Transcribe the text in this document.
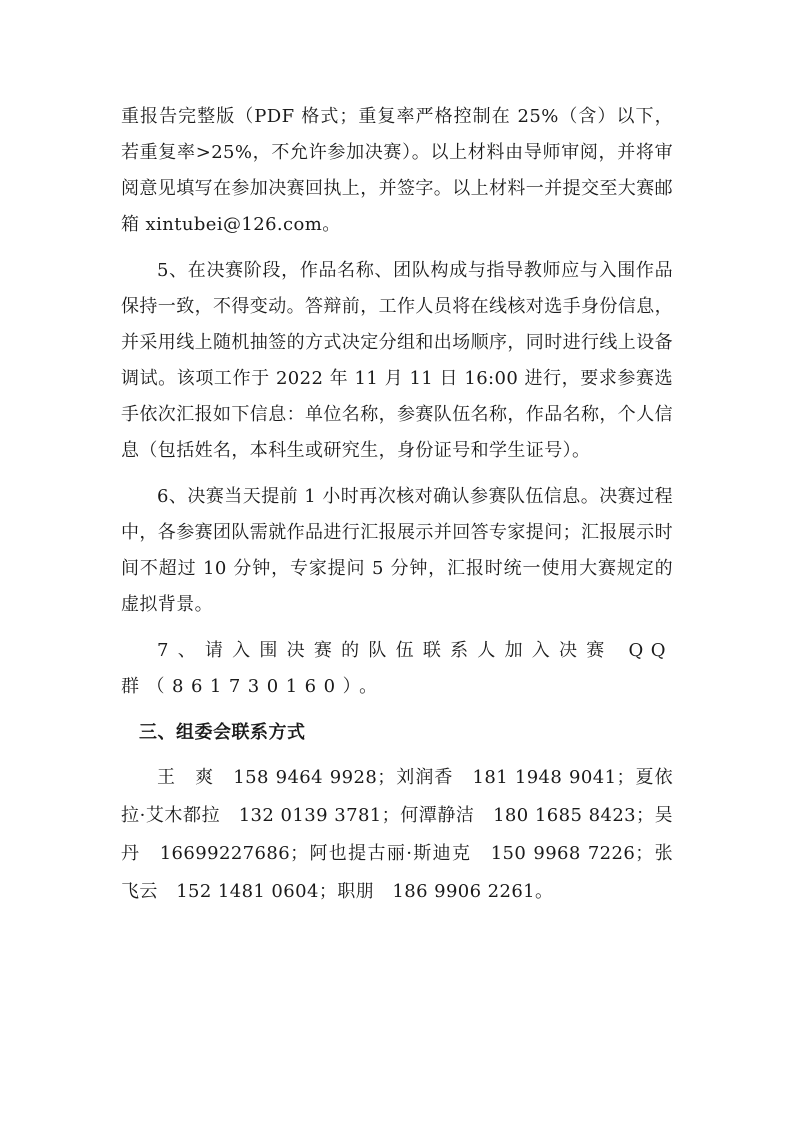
重报告完整版（PDF 格式；重复率严格控制在 25%（含）以下，若重复率>25%，不允许参加决赛）。以上材料由导师审阅，并将审阅意见填写在参加决赛回执上，并签字。以上材料一并提交至大赛邮箱 xintubei@126.com。

5、在决赛阶段，作品名称、团队构成与指导教师应与入围作品保持一致，不得变动。答辩前，工作人员将在线核对选手身份信息，并采用线上随机抽签的方式决定分组和出场顺序，同时进行线上设备调试。该项工作于 2022 年 11 月 11 日 16:00 进行，要求参赛选手依次汇报如下信息：单位名称，参赛队伍名称，作品名称，个人信息（包括姓名，本科生或研究生，身份证号和学生证号）。

6、决赛当天提前 1 小时再次核对确认参赛队伍信息。决赛过程中，各参赛团队需就作品进行汇报展示并回答专家提问；汇报展示时间不超过 10 分钟，专家提问 5 分钟，汇报时统一使用大赛规定的虚拟背景。

7、请入围决赛的队伍联系人加入决赛 QQ 群（861730160）。

三、组委会联系方式

王　爽　158 9464 9928；刘润香　181 1948 9041；夏依拉·艾木都拉　132 0139 3781；何潭静洁　180 1685 8423；吴丹　16699227686；阿也提古丽·斯迪克　150 9968 7226；张飞云　152 1481 0604；职朋　186 9906 2261。
